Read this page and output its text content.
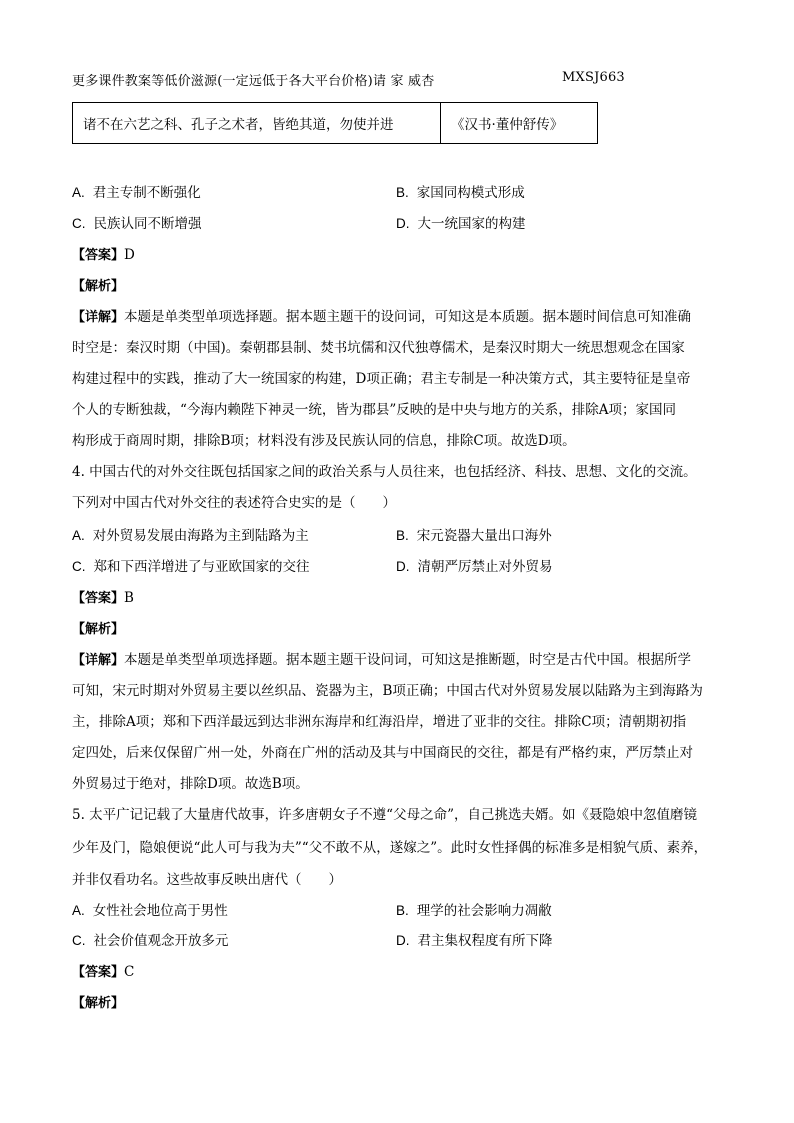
更多课件教案等低价滋源(一定远低于各大平台价格)请 家 威杏	MXSJ663
诸不在六艺之科、孔子之术者，皆绝其道，勿使并进	《汉书·董仲舒传》
A. 君主专制不断强化	B. 家国同构模式形成
C. 民族认同不断增强	D. 大一统国家的构建
【答案】D
【解析】
【详解】本题是单类型单项选择题。据本题主题干的设问词，可知这是本质题。据本题时间信息可知准确
时空是：秦汉时期（中国)。秦朝郡县制、焚书坑儒和汉代独尊儒术，是秦汉时期大一统思想观念在国家
构建过程中的实践，推动了大一统国家的构建，D项正确；君主专制是一种决策方式，其主要特征是皇帝
个人的专断独裁，“今海内赖陛下神灵一统，皆为郡县”反映的是中央与地方的关系，排除A项；家国同
构形成于商周时期，排除B项；材料没有涉及民族认同的信息，排除C项。故选D项。
4. 中国古代的对外交往既包括国家之间的政治关系与人员往来，也包括经济、科技、思想、文化的交流。
下列对中国古代对外交往的表述符合史实的是（　　）
A. 对外贸易发展由海路为主到陆路为主	B. 宋元瓷器大量出口海外
C. 郑和下西洋增进了与亚欧国家的交往	D. 清朝严厉禁止对外贸易
【答案】B
【解析】
【详解】本题是单类型单项选择题。据本题主题干设问词，可知这是推断题，时空是古代中国。根据所学
可知，宋元时期对外贸易主要以丝织品、瓷器为主，B项正确；中国古代对外贸易发展以陆路为主到海路为
主，排除A项；郑和下西洋最远到达非洲东海岸和红海沿岸，增进了亚非的交往。排除C项；清朝期初指
定四处，后来仅保留广州一处，外商在广州的活动及其与中国商民的交往，都是有严格约束，严厉禁止对
外贸易过于绝对，排除D项。故选B项。
5. 太平广记记载了大量唐代故事，许多唐朝女子不遵“父母之命”，自己挑选夫婿。如《聂隐娘中忽值磨镜
少年及门，隐娘便说“此人可与我为夫”“父不敢不从，遂嫁之”。此时女性择偶的标准多是相貌气质、素养，
并非仅看功名。这些故事反映出唐代（　　）
A. 女性社会地位高于男性	B. 理学的社会影响力凋敝
C. 社会价值观念开放多元	D. 君主集权程度有所下降
【答案】C
【解析】
